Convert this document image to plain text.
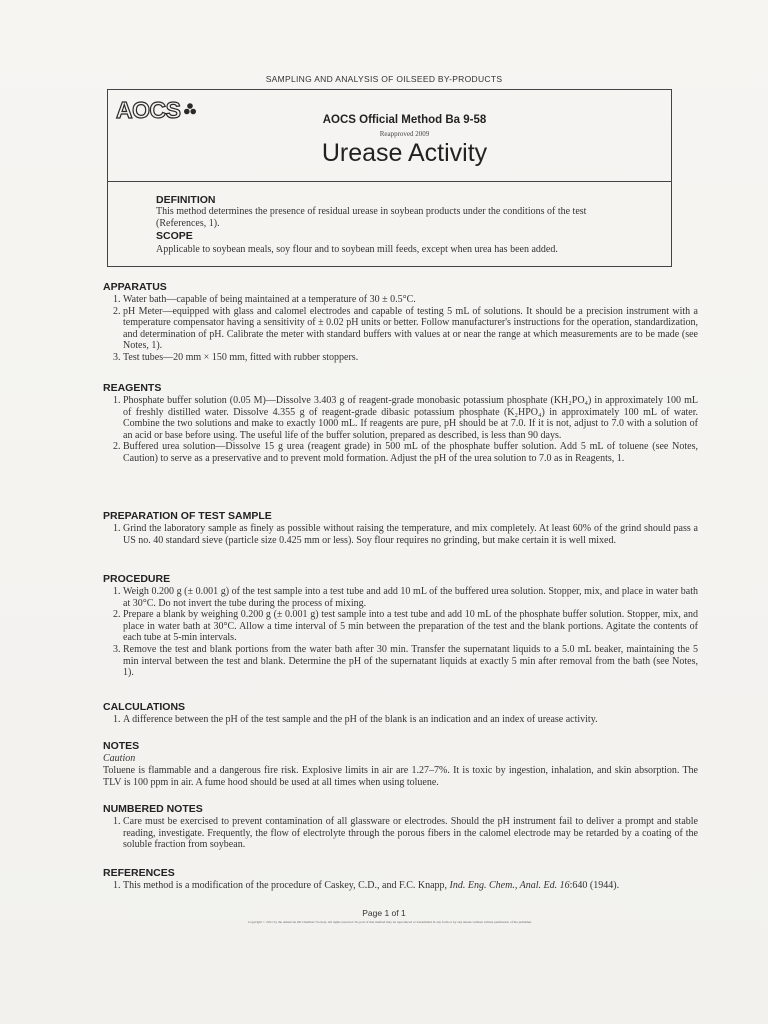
SAMPLING AND ANALYSIS OF OILSEED BY-PRODUCTS
AOCS	AOCS Official Method Ba 9-58
Reapproved 2009
Urease Activity
DEFINITION
This method determines the presence of residual urease in soybean products under the conditions of the test (References, 1).
SCOPE
Applicable to soybean meals, soy flour and to soybean mill feeds, except when urea has been added.
APPARATUS
1. Water bath—capable of being maintained at a temperature of 30 ± 0.5°C.
2. pH Meter—equipped with glass and calomel electrodes and capable of testing 5 mL of solutions. It should be a precision instrument with a temperature compensator having a sensitivity of ± 0.02 pH units or better. Follow manufacturer's instructions for the operation, standardization, and determination of pH. Calibrate the meter with standard buffers with values at or near the range at which measurements are to be made (see Notes, 1).
3. Test tubes—20 mm × 150 mm, fitted with rubber stoppers.
REAGENTS
1. Phosphate buffer solution (0.05 M)—Dissolve 3.403 g of reagent-grade monobasic potassium phosphate (KH₂PO₄) in approximately 100 mL of freshly distilled water. Dissolve 4.355 g of reagent-grade dibasic potassium phosphate (K₂HPO₄) in approximately 100 mL of water. Combine the two solutions and make to exactly 1000 mL. If reagents are pure, pH should be at 7.0. If it is not, adjust to 7.0 with a solution of an acid or base before using. The useful life of the buffer solution, prepared as described, is less than 90 days.
2. Buffered urea solution—Dissolve 15 g urea (reagent grade) in 500 mL of the phosphate buffer solution. Add 5 mL of toluene (see Notes, Caution) to serve as a preservative and to prevent mold formation. Adjust the pH of the urea solution to 7.0 as in Reagents, 1.
PREPARATION OF TEST SAMPLE
1. Grind the laboratory sample as finely as possible without raising the temperature, and mix completely. At least 60% of the grind should pass a US no. 40 standard sieve (particle size 0.425 mm or less). Soy flour requires no grinding, but make certain it is well mixed.
PROCEDURE
1. Weigh 0.200 g (± 0.001 g) of the test sample into a test tube and add 10 mL of the buffered urea solution. Stopper, mix, and place in water bath at 30°C. Do not invert the tube during the process of mixing.
2. Prepare a blank by weighing 0.200 g (± 0.001 g) test sample into a test tube and add 10 mL of the phosphate buffer solution. Stopper, mix, and place in water bath at 30°C. Allow a time interval of 5 min between the preparation of the test and the blank portions. Agitate the contents of each tube at 5-min intervals.
3. Remove the test and blank portions from the water bath after 30 min. Transfer the supernatant liquids to a 5.0 mL beaker, maintaining the 5 min interval between the test and blank. Determine the pH of the supernatant liquids at exactly 5 min after removal from the bath (see Notes, 1).
CALCULATIONS
1. A difference between the pH of the test sample and the pH of the blank is an indication and an index of urease activity.
NOTES
Caution
Toluene is flammable and a dangerous fire risk. Explosive limits in air are 1.27–7%. It is toxic by ingestion, inhalation, and skin absorption. The TLV is 100 ppm in air. A fume hood should be used at all times when using toluene.
NUMBERED NOTES
1. Care must be exercised to prevent contamination of all glassware or electrodes. Should the pH instrument fail to deliver a prompt and stable reading, investigate. Frequently, the flow of electrolyte through the porous fibers in the calomel electrode may be retarded by a coating of the soluble fraction from soybean.
REFERENCES
1. This method is a modification of the procedure of Caskey, C.D., and F.C. Knapp, Ind. Eng. Chem., Anal. Ed. 16:640 (1944).
Page 1 of 1
Copyright © 2011 by the American Oil Chemists' Society. All rights reserved. No part of this method may be reproduced or transmitted in any form or by any means without written permission of the publisher.
